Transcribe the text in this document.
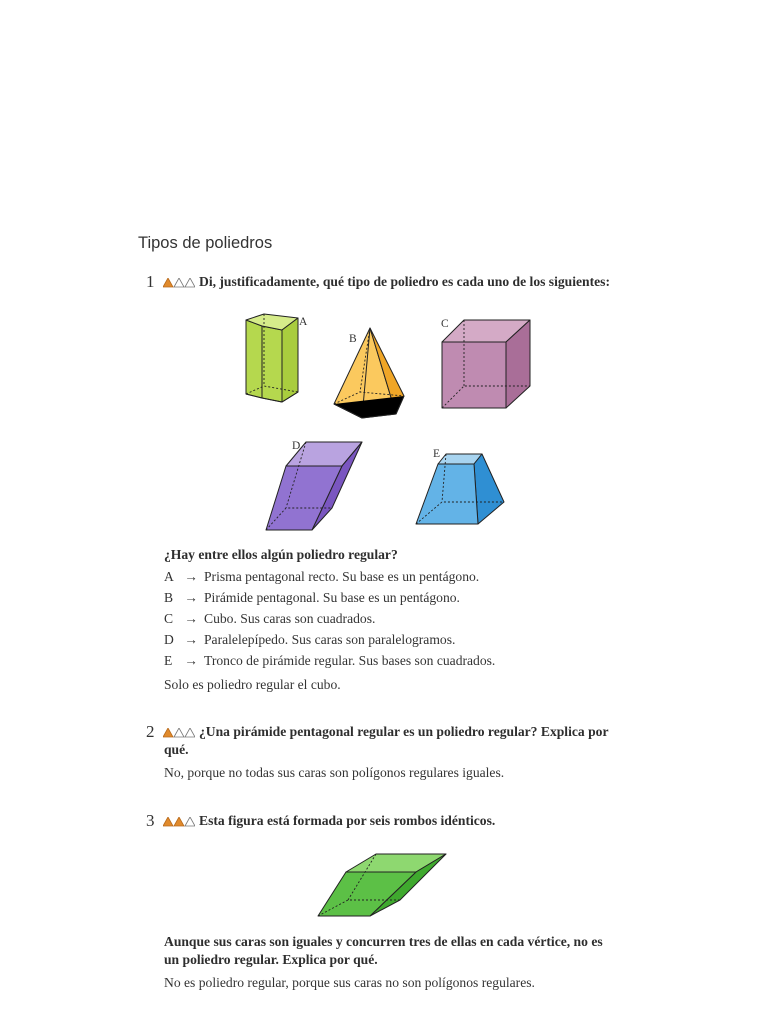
Tipos de poliedros
1	Di, justificadamente, qué tipo de poliedro es cada uno de los siguientes:
A
B
C
D
E
¿Hay entre ellos algún poliedro regular?
A → Prisma pentagonal recto. Su base es un pentágono.
B → Pirámide pentagonal. Su base es un pentágono.
C → Cubo. Sus caras son cuadrados.
D → Paralelepípedo. Sus caras son paralelogramos.
E → Tronco de pirámide regular. Sus bases son cuadrados.
Solo es poliedro regular el cubo.
2	¿Una pirámide pentagonal regular es un poliedro regular? Explica por
qué.
No, porque no todas sus caras son polígonos regulares iguales.
3	Esta figura está formada por seis rombos idénticos.
Aunque sus caras son iguales y concurren tres de ellas en cada vértice, no es
un poliedro regular. Explica por qué.
No es poliedro regular, porque sus caras no son polígonos regulares.
